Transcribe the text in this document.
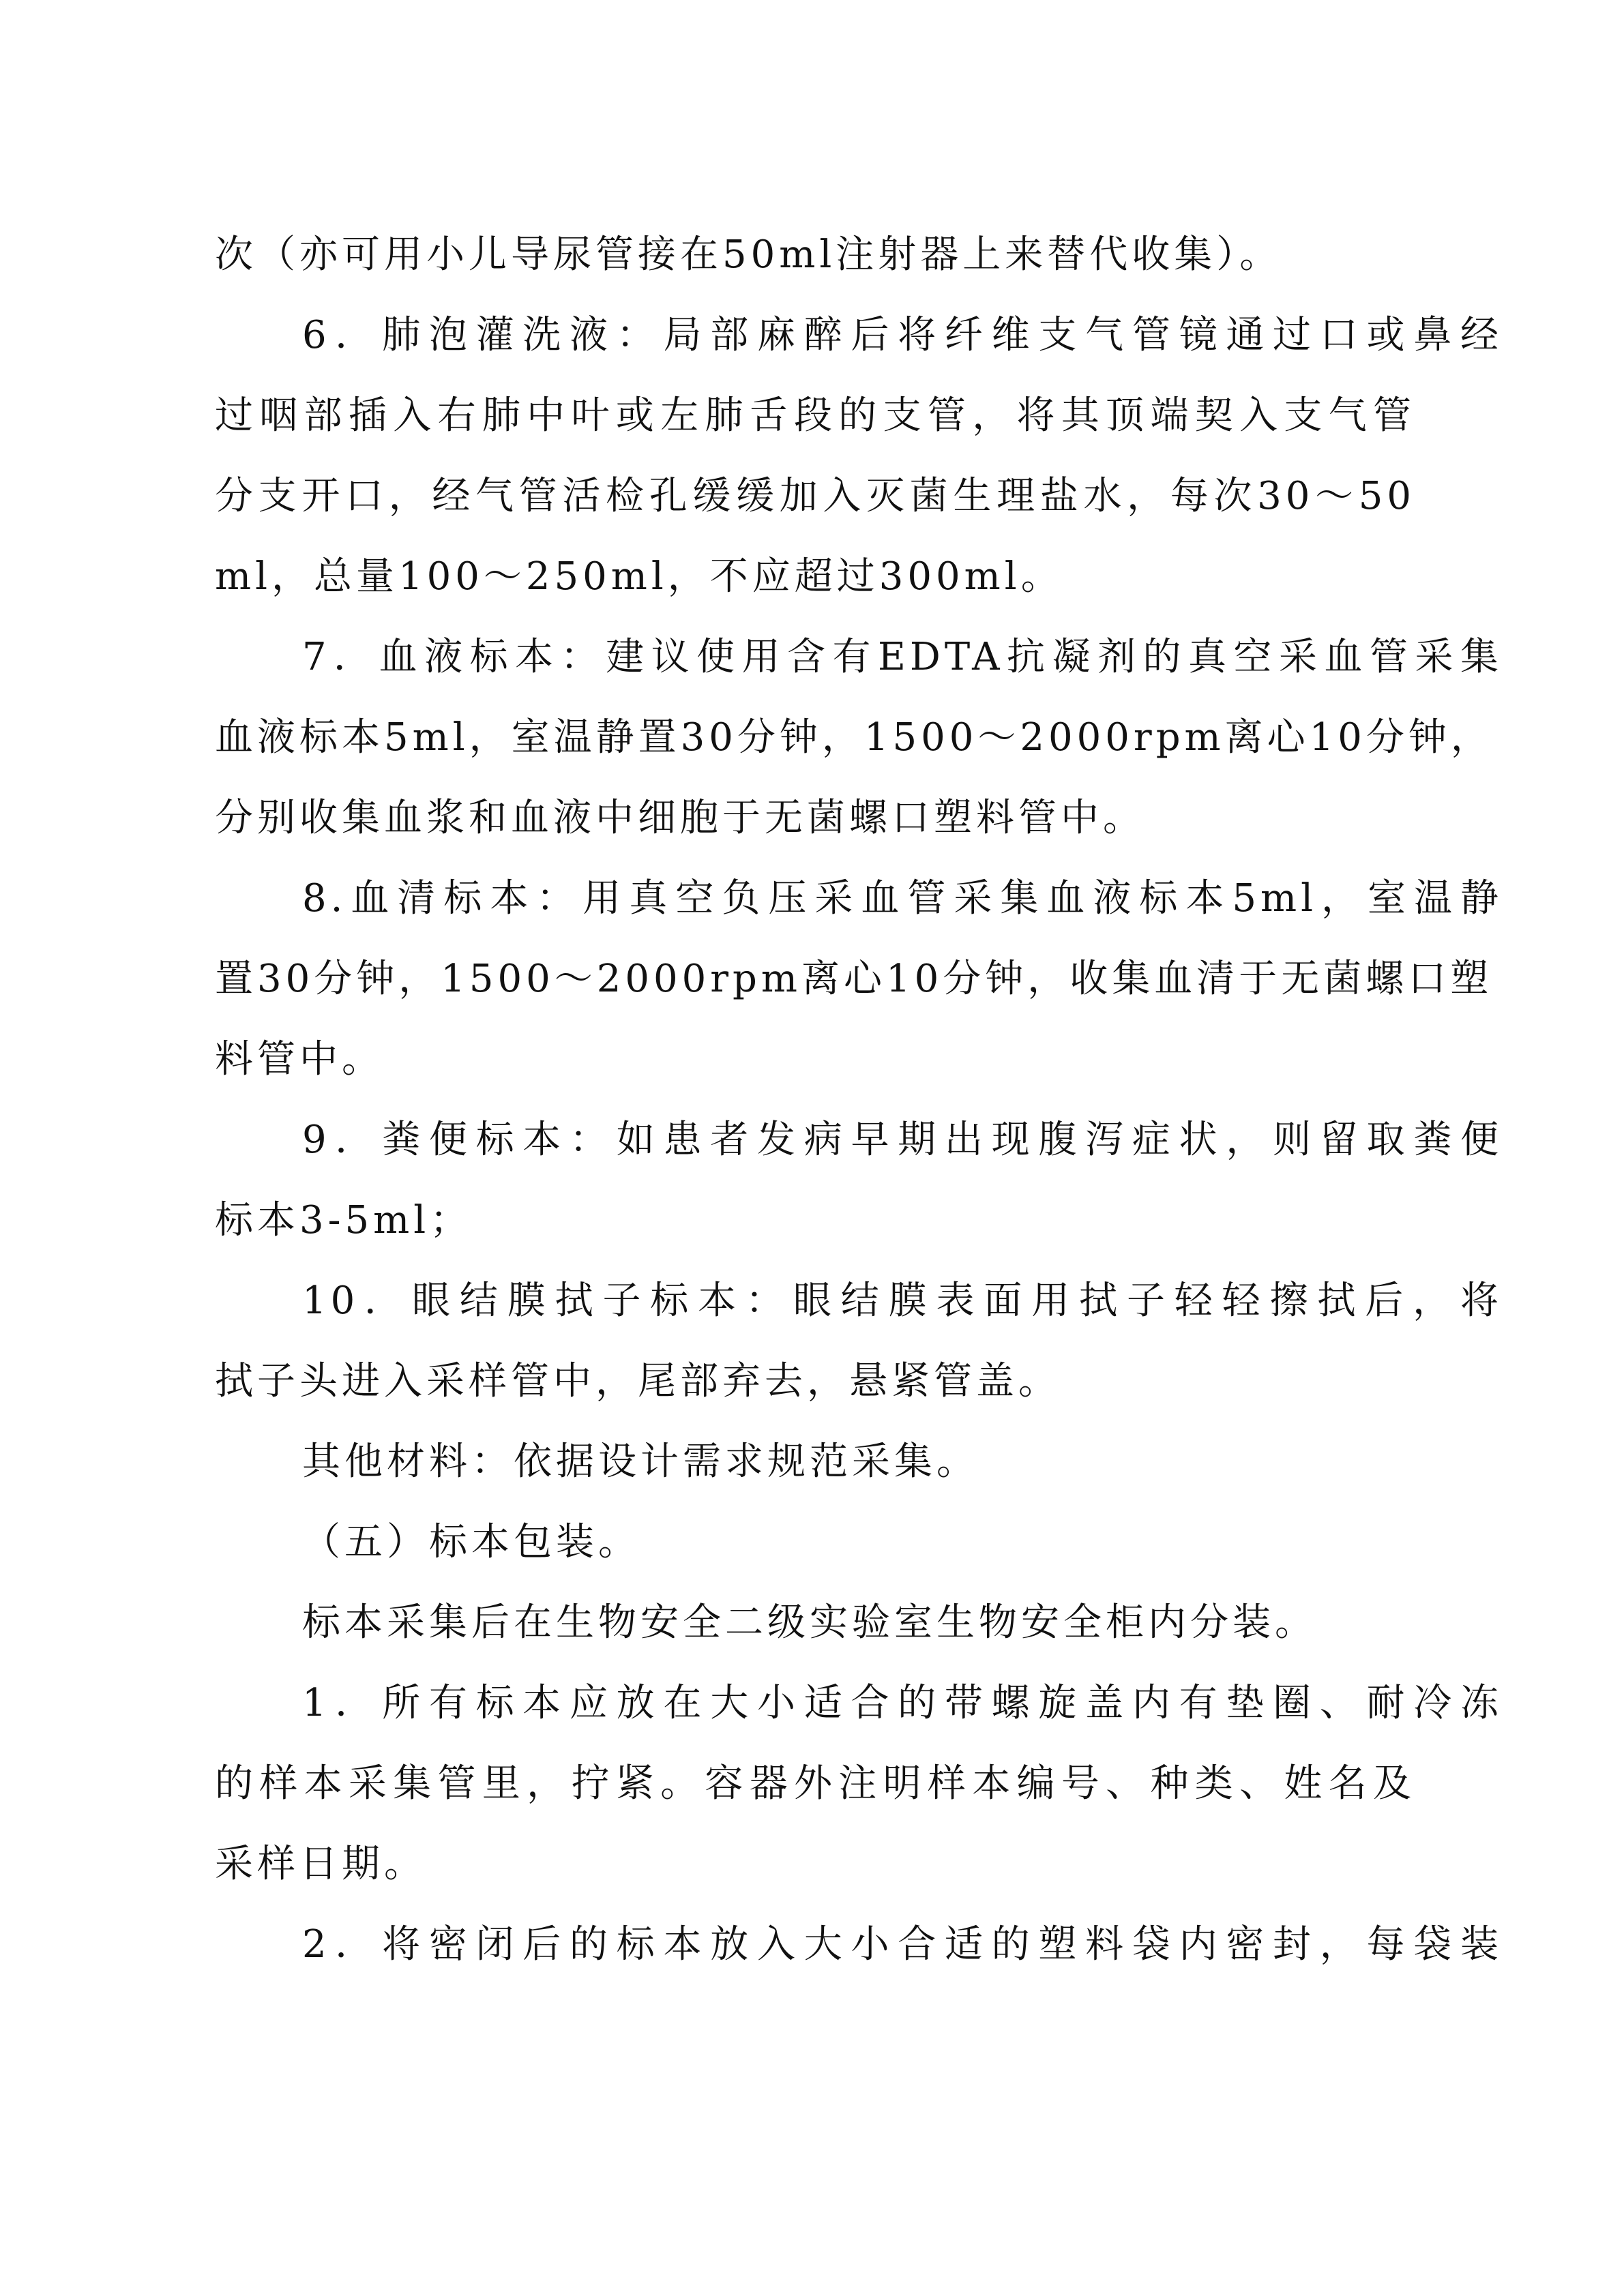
次（亦可用小儿导尿管接在50ml注射器上来替代收集）。
6．肺泡灌洗液：局部麻醉后将纤维支气管镜通过口或鼻经
过咽部插入右肺中叶或左肺舌段的支管，将其顶端契入支气管
分支开口，经气管活检孔缓缓加入灭菌生理盐水，每次30～50
ml，总量100～250ml，不应超过300ml。
7．血液标本：建议使用含有EDTA抗凝剂的真空采血管采集
血液标本5ml，室温静置30分钟，1500～2000rpm离心10分钟，
分别收集血浆和血液中细胞于无菌螺口塑料管中。
8.血清标本：用真空负压采血管采集血液标本5ml，室温静
置30分钟，1500～2000rpm离心10分钟，收集血清于无菌螺口塑
料管中。
9．粪便标本：如患者发病早期出现腹泻症状，则留取粪便
标本3-5ml；
10．眼结膜拭子标本：眼结膜表面用拭子轻轻擦拭后，将
拭子头进入采样管中，尾部弃去，悬紧管盖。
其他材料：依据设计需求规范采集。
（五）标本包装。
标本采集后在生物安全二级实验室生物安全柜内分装。
1．所有标本应放在大小适合的带螺旋盖内有垫圈、耐冷冻
的样本采集管里，拧紧。容器外注明样本编号、种类、姓名及
采样日期。
2．将密闭后的标本放入大小合适的塑料袋内密封，每袋装
